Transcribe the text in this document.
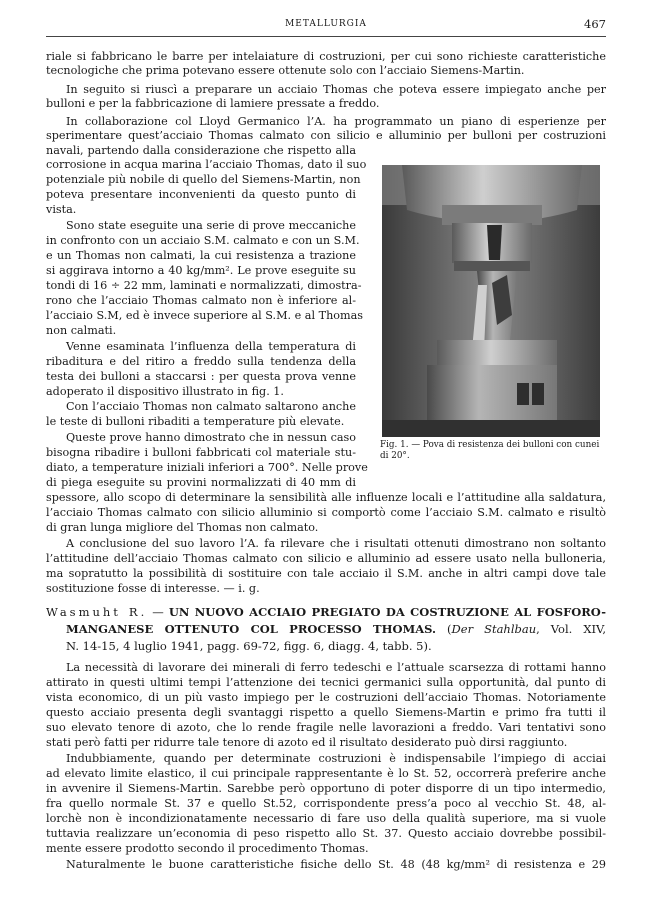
METALLURGIA	467
riale si fabbricano le barre per intelaiature di costruzioni, per cui sono richieste caratteristiche
tecnologiche che prima potevano essere ottenute solo con l’acciaio Siemens-Martin.
In seguito si riuscì a preparare un acciaio Thomas che poteva essere impiegato anche per
bulloni e per la fabbricazione di lamiere pressate a freddo.
In collaborazione col Lloyd Germanico l’A. ha programmato un piano di esperienze per
sperimentare quest’acciaio Thomas calmato con silicio e alluminio per bulloni per costruzioni
navali, partendo dalla considerazione che rispetto alla
corrosione in acqua marina l’acciaio Thomas, dato il suo
potenziale più nobile di quello del Siemens-Martin, non
poteva presentare inconvenienti da questo punto di
vista.
Sono state eseguite una serie di prove meccaniche
in confronto con un acciaio S.M. calmato e con un S.M.
e un Thomas non calmati, la cui resistenza a trazione
si aggirava intorno a 40 kg/mm². Le prove eseguite su
tondi di 16 ÷ 22 mm, laminati e normalizzati, dimostra-
rono che l’acciaio Thomas calmato non è inferiore al-
l’acciaio S.M, ed è invece superiore al S.M. e al Thomas
non calmati.
Venne esaminata l’influenza della temperatura di
ribaditura e del ritiro a freddo sulla tendenza della
testa dei bulloni a staccarsi : per questa prova venne
adoperato il dispositivo illustrato in fig. 1.
Con l’acciaio Thomas non calmato saltarono anche
le teste di bulloni ribaditi a temperature più elevate.
Queste prove hanno dimostrato che in nessun caso
bisogna ribadire i bulloni fabbricati col materiale stu-
diato, a temperature iniziali inferiori a 700°. Nelle prove
di piega eseguite su provini normalizzati di 40 mm di
spessore, allo scopo di determinare la sensibilità alle influenze locali e l’attitudine alla saldatura,
l’acciaio Thomas calmato con silicio alluminio si comportò come l’acciaio S.M. calmato e risultò
di gran lunga migliore del Thomas non calmato.
A conclusione del suo lavoro l’A. fa rilevare che i risultati ottenuti dimostrano non soltanto
l’attitudine dell’acciaio Thomas calmato con silicio e alluminio ad essere usato nella bulloneria,
ma sopratutto la possibilità di sostituire con tale acciaio il S.M. anche in altri campi dove tale
sostituzione fosse di interesse. — i. g.
Fig. 1. — Pova di resistenza dei bulloni con cunei di 20°.
Wasmuht R. — UN NUOVO ACCIAIO PREGIATO DA COSTRUZIONE AL FOSFORO-
MANGANESE OTTENUTO COL PROCESSO THOMAS. (Der Stahlbau, Vol. XIV,
N. 14-15, 4 luglio 1941, pagg. 69-72, figg. 6, diagg. 4, tabb. 5).
La necessità di lavorare dei minerali di ferro tedeschi e l’attuale scarsezza di rottami hanno
attirato in questi ultimi tempi l’attenzione dei tecnici germanici sulla opportunità, dal punto di
vista economico, di un più vasto impiego per le costruzioni dell’acciaio Thomas. Notoriamente
questo acciaio presenta degli svantaggi rispetto a quello Siemens-Martin e primo fra tutti il
suo elevato tenore di azoto, che lo rende fragile nelle lavorazioni a freddo. Vari tentativi sono
stati però fatti per ridurre tale tenore di azoto ed il risultato desiderato può dirsi raggiunto.
Indubbiamente, quando per determinate costruzioni è indispensabile l’impiego di acciai
ad elevato limite elastico, il cui principale rappresentante è lo St. 52, occorrerà preferire anche
in avvenire il Siemens-Martin. Sarebbe però opportuno di poter disporre di un tipo intermedio,
fra quello normale St. 37 e quello St.52, corrispondente press’a poco al vecchio St. 48, al-
lorchè non è incondizionatamente necessario di fare uso della qualità superiore, ma si vuole
tuttavia realizzare un’economia di peso rispetto allo St. 37. Questo acciaio dovrebbe possibil-
mente essere prodotto secondo il procedimento Thomas.
Naturalmente le buone caratteristiche fisiche dello St. 48 (48 kg/mm² di resistenza e 29
